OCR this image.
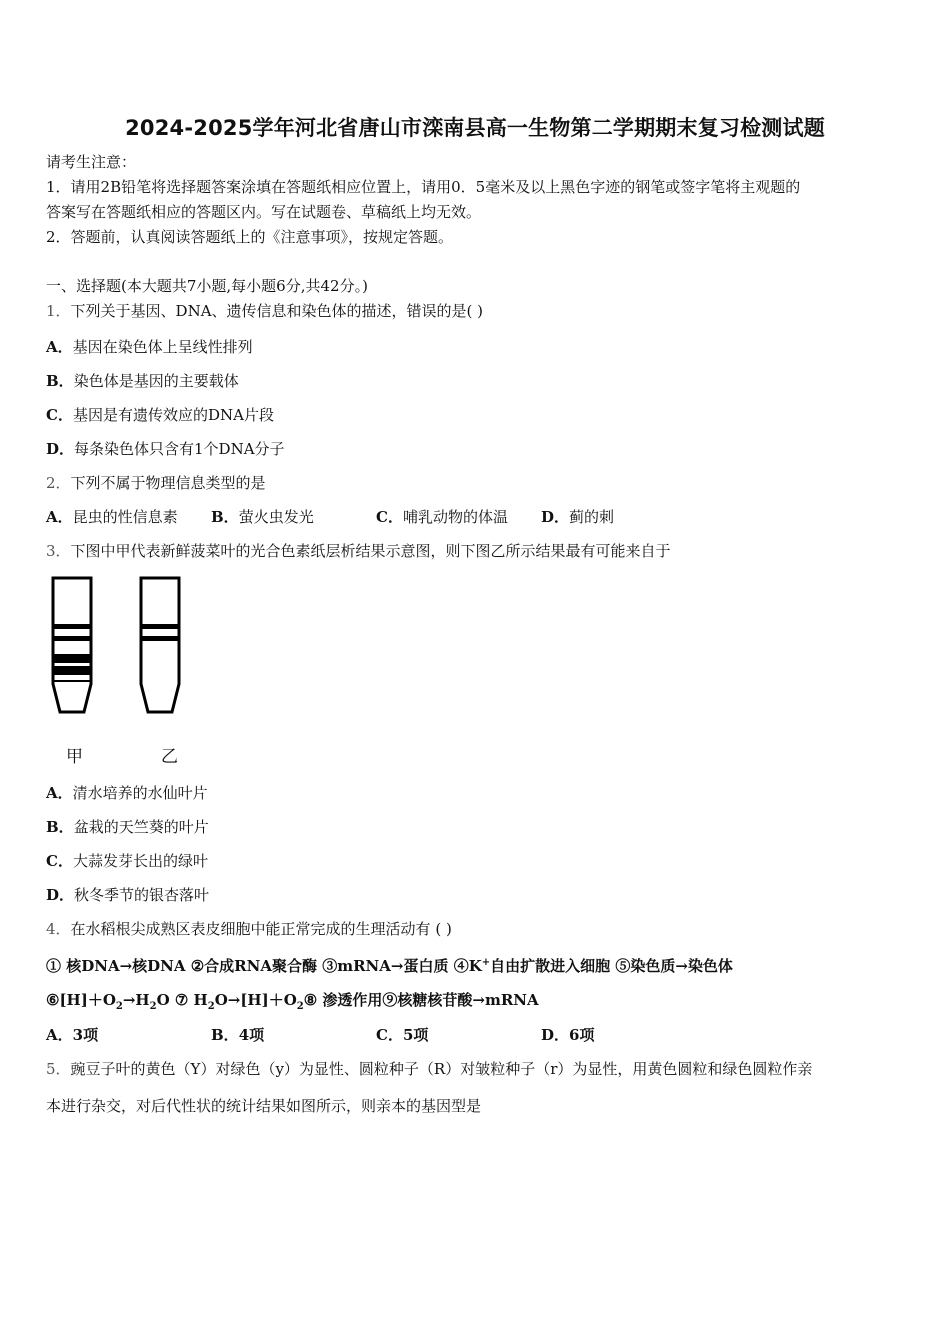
2024-2025学年河北省唐山市滦南县高一生物第二学期期末复习检测试题
请考生注意：
1．请用2B铅笔将选择题答案涂填在答题纸相应位置上，请用0．5毫米及以上黑色字迹的钢笔或签字笔将主观题的
答案写在答题纸相应的答题区内。写在试题卷、草稿纸上均无效。
2．答题前，认真阅读答题纸上的《注意事项》，按规定答题。
一、选择题(本大题共7小题,每小题6分,共42分。)
1．下列关于基因、DNA、遗传信息和染色体的描述，错误的是( )
A．基因在染色体上呈线性排列
B．染色体是基因的主要载体
C．基因是有遗传效应的DNA片段
D．每条染色体只含有1个DNA分子
2．下列不属于物理信息类型的是
A．昆虫的性信息素 B．萤火虫发光	C．哺乳动物的体温 D．蓟的刺
3．下图中甲代表新鲜菠菜叶的光合色素纸层析结果示意图，则下图乙所示结果最有可能来自于
甲	乙
A．清水培养的水仙叶片
B．盆栽的天竺葵的叶片
C．大蒜发芽长出的绿叶
D．秋冬季节的银杏落叶
4．在水稻根尖成熟区表皮细胞中能正常完成的生理活动有 ( )
① 核DNA→核DNA ②合成RNA聚合酶 ③mRNA→蛋白质 ④K+自由扩散进入细胞 ⑤染色质→染色体
$⑥[H]+O_2\to H_2O$ ⑦ $H_2O\to[H]+O_2⑧$ 渗透作用⑨核糖核苷酸→mRNA
A．3项	B．4项	C．5项	D．6项
5．豌豆子叶的黄色（Y）对绿色（y）为显性、圆粒种子（R）对皱粒种子（r）为显性，用黄色圆粒和绿色圆粒作亲
本进行杂交，对后代性状的统计结果如图所示，则亲本的基因型是
